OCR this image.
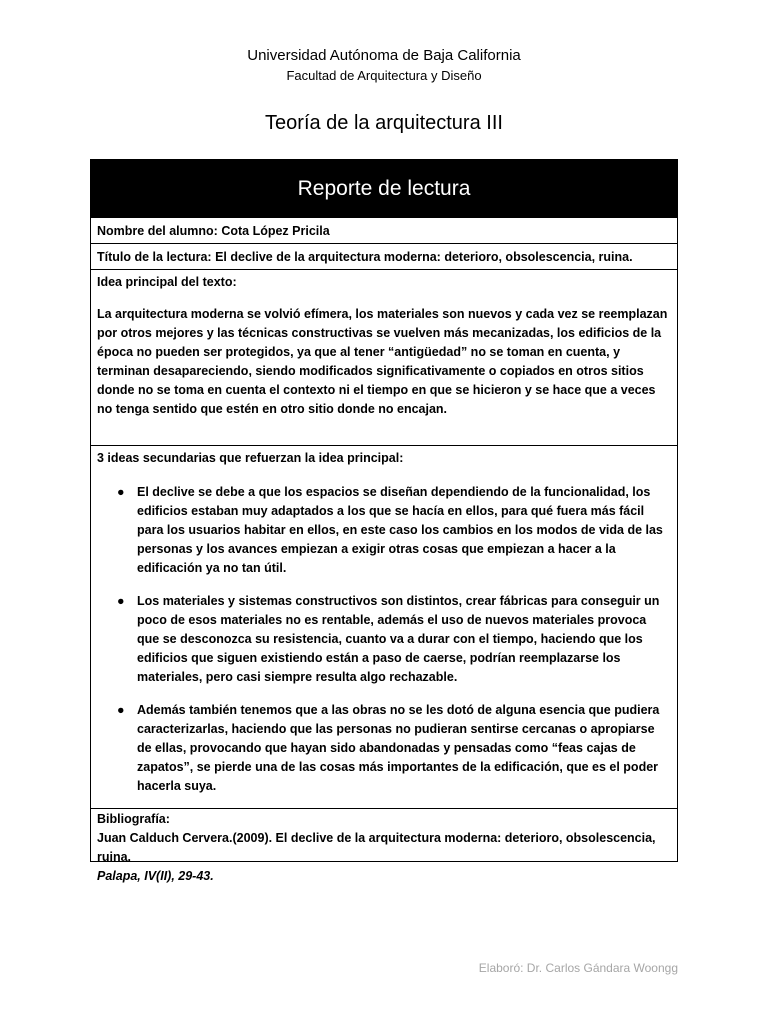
Universidad Autónoma de Baja California
Facultad de Arquitectura y Diseño
Teoría de la arquitectura III
Reporte de lectura
Nombre del alumno: Cota López Pricila
Título de la lectura: El declive de la arquitectura moderna: deterioro, obsolescencia, ruina.
Idea principal del texto:
La arquitectura moderna se volvió efímera, los materiales son nuevos y cada vez se reemplazan por otros mejores y las técnicas constructivas se vuelven más mecanizadas, los edificios de la época no pueden ser protegidos, ya que al tener “antigüedad” no se toman en cuenta, y terminan desapareciendo, siendo modificados significativamente o copiados en otros sitios donde no se toma en cuenta el contexto ni el tiempo en que se hicieron y se hace que a veces no tenga sentido que estén en otro sitio donde no encajan.
3 ideas secundarias que refuerzan la idea principal:
● El declive se debe a que los espacios se diseñan dependiendo de la funcionalidad, los edificios estaban muy adaptados a los que se hacía en ellos, para qué fuera más fácil para los usuarios habitar en ellos, en este caso los cambios en los modos de vida de las personas y los avances empiezan a exigir otras cosas que empiezan a hacer a la edificación ya no tan útil.
● Los materiales y sistemas constructivos son distintos, crear fábricas para conseguir un poco de esos materiales no es rentable, además el uso de nuevos materiales provoca que se desconozca su resistencia, cuanto va a durar con el tiempo, haciendo que los edificios que siguen existiendo están a paso de caerse, podrían reemplazarse los materiales, pero casi siempre resulta algo rechazable.
● Además también tenemos que a las obras no se les dotó de alguna esencia que pudiera caracterizarlas, haciendo que las personas no pudieran sentirse cercanas o apropiarse de ellas, provocando que hayan sido abandonadas y pensadas como “feas cajas de zapatos”, se pierde una de las cosas más importantes de la edificación, que es el poder hacerla suya.
Bibliografía:
Juan Calduch Cervera.(2009). El declive de la arquitectura moderna: deterioro, obsolescencia, ruina.
Palapa, IV(II), 29-43.
Elaboró: Dr. Carlos Gándara Woongg
